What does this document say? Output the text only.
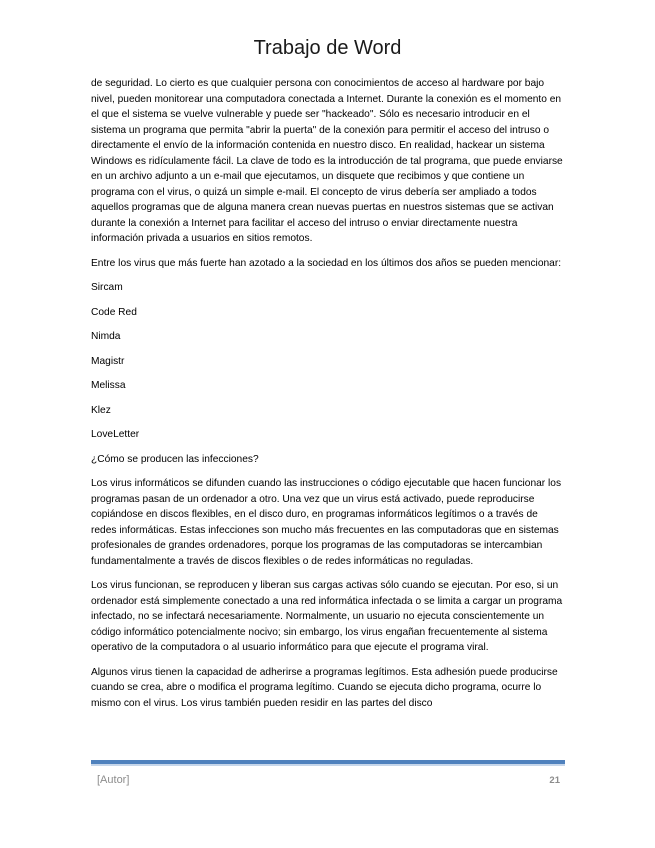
Trabajo de Word

de seguridad. Lo cierto es que cualquier persona con conocimientos de acceso al hardware por bajo nivel, pueden monitorear una computadora conectada a Internet. Durante la conexión es el momento en el que el sistema se vuelve vulnerable y puede ser "hackeado". Sólo es necesario introducir en el sistema un programa que permita "abrir la puerta" de la conexión para permitir el acceso del intruso o directamente el envío de la información contenida en nuestro disco. En realidad, hackear un sistema Windows es ridículamente fácil. La clave de todo es la introducción de tal programa, que puede enviarse en un archivo adjunto a un e-mail que ejecutamos, un disquete que recibimos y que contiene un programa con el virus, o quizá un simple e-mail. El concepto de virus debería ser ampliado a todos aquellos programas que de alguna manera crean nuevas puertas en nuestros sistemas que se activan durante la conexión a Internet para facilitar el acceso del intruso o enviar directamente nuestra información privada a usuarios en sitios remotos.

Entre los virus que más fuerte han azotado a la sociedad en los últimos dos años se pueden mencionar:

Sircam

Code Red

Nimda

Magistr

Melissa

Klez

LoveLetter

¿Cómo se producen las infecciones?

Los virus informáticos se difunden cuando las instrucciones o código ejecutable que hacen funcionar los programas pasan de un ordenador a otro. Una vez que un virus está activado, puede reproducirse copiándose en discos flexibles, en el disco duro, en programas informáticos legítimos o a través de redes informáticas. Estas infecciones son mucho más frecuentes en las computadoras que en sistemas profesionales de grandes ordenadores, porque los programas de las computadoras se intercambian fundamentalmente a través de discos flexibles o de redes informáticas no reguladas.

Los virus funcionan, se reproducen y liberan sus cargas activas sólo cuando se ejecutan. Por eso, si un ordenador está simplemente conectado a una red informática infectada o se limita a cargar un programa infectado, no se infectará necesariamente. Normalmente, un usuario no ejecuta conscientemente un código informático potencialmente nocivo; sin embargo, los virus engañan frecuentemente al sistema operativo de la computadora o al usuario informático para que ejecute el programa viral.

Algunos virus tienen la capacidad de adherirse a programas legítimos. Esta adhesión puede producirse cuando se crea, abre o modifica el programa legítimo. Cuando se ejecuta dicho programa, ocurre lo mismo con el virus. Los virus también pueden residir en las partes del disco

[Autor]	21
